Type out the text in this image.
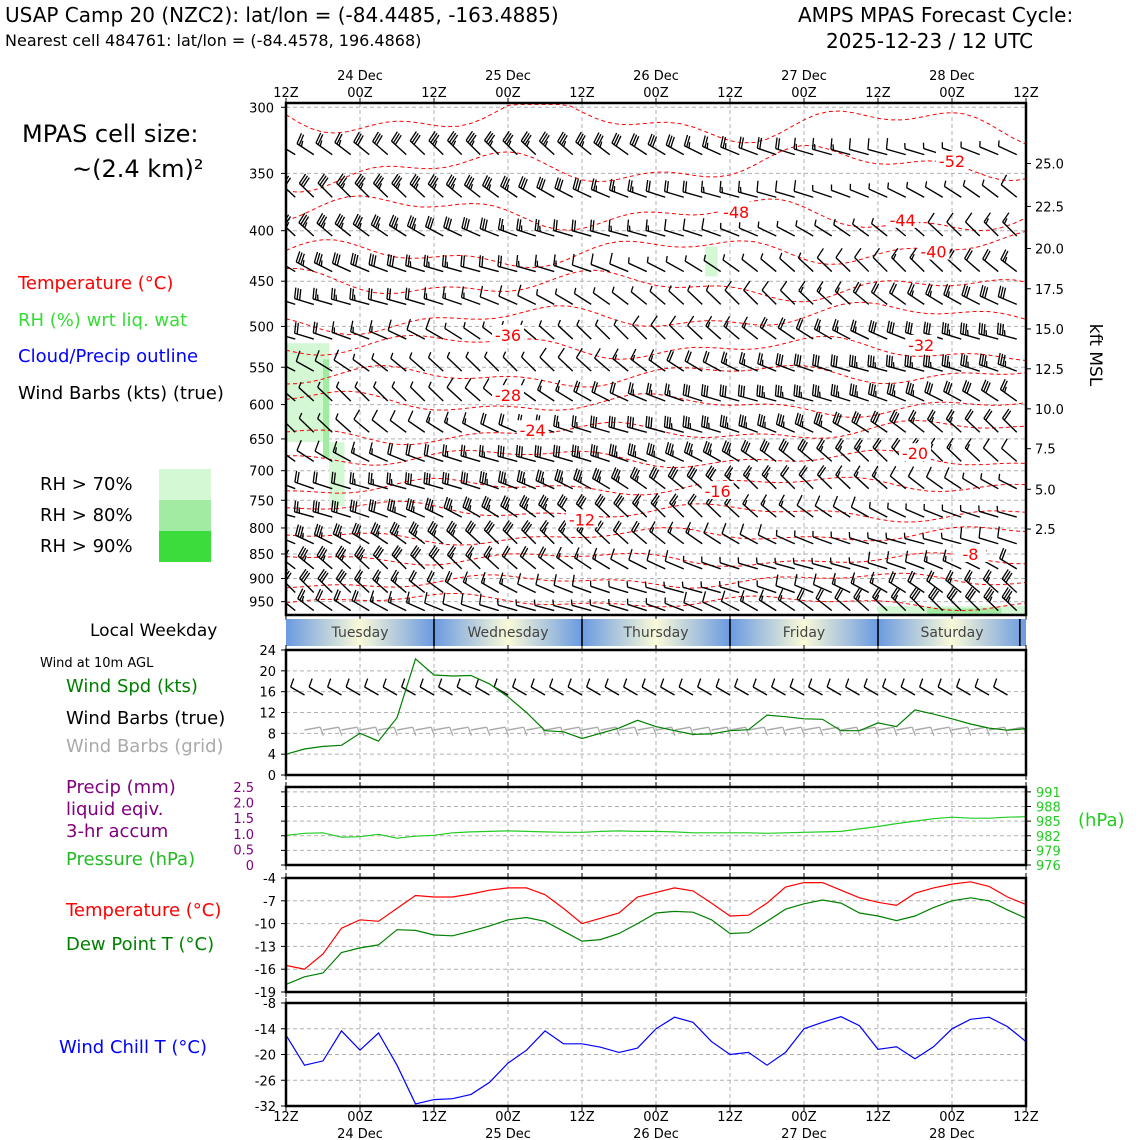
-52
-48	-44
-40
-36
-32
-28
-24
-20
-16
-12
-8
12Z	00Z	12Z	00Z	12Z	00Z	12Z	00Z	12Z	00Z	12Z
24 Dec	25 Dec	26 Dec	27 Dec	28 Dec
300
350
400
450
500
550
600
650
700
750
800
850
900
950
25.0
22.5
20.0
17.5
15.0
12.5
10.0
7.5
5.0
2.5
kft MSL
Tuesday	Wednesday	Thursday	Friday	Saturday
0
4
8
12
16
20
24
0
0.5
1.0
1.5
2.0
2.5
976
979
982
985
988
991
(hPa)
-4
-7
-10
-13
-16
-19
-8
-14
-20
-26
-32
12Z	00Z	12Z	00Z	12Z	00Z	12Z	00Z	12Z	00Z	12Z
24 Dec	25 Dec	26 Dec	27 Dec	28 Dec
USAP Camp 20 (NZC2): lat/lon = (-84.4485, -163.4885)
Nearest cell 484761: lat/lon = (-84.4578, 196.4868)
AMPS MPAS Forecast Cycle:
2025-12-23 / 12 UTC
MPAS cell size:
~(2.4 km)²
Temperature (°C)
RH (%) wrt liq. wat
Cloud/Precip outline
Wind Barbs (kts) (true)
RH > 70%
RH > 80%
RH > 90%
Local Weekday
Wind at 10m AGL
Wind Spd (kts)
Wind Barbs (true)
Wind Barbs (grid)
Precip (mm)
liquid eqiv.
3-hr accum
Pressure (hPa)
Temperature (°C)
Dew Point T (°C)
Wind Chill T (°C)
